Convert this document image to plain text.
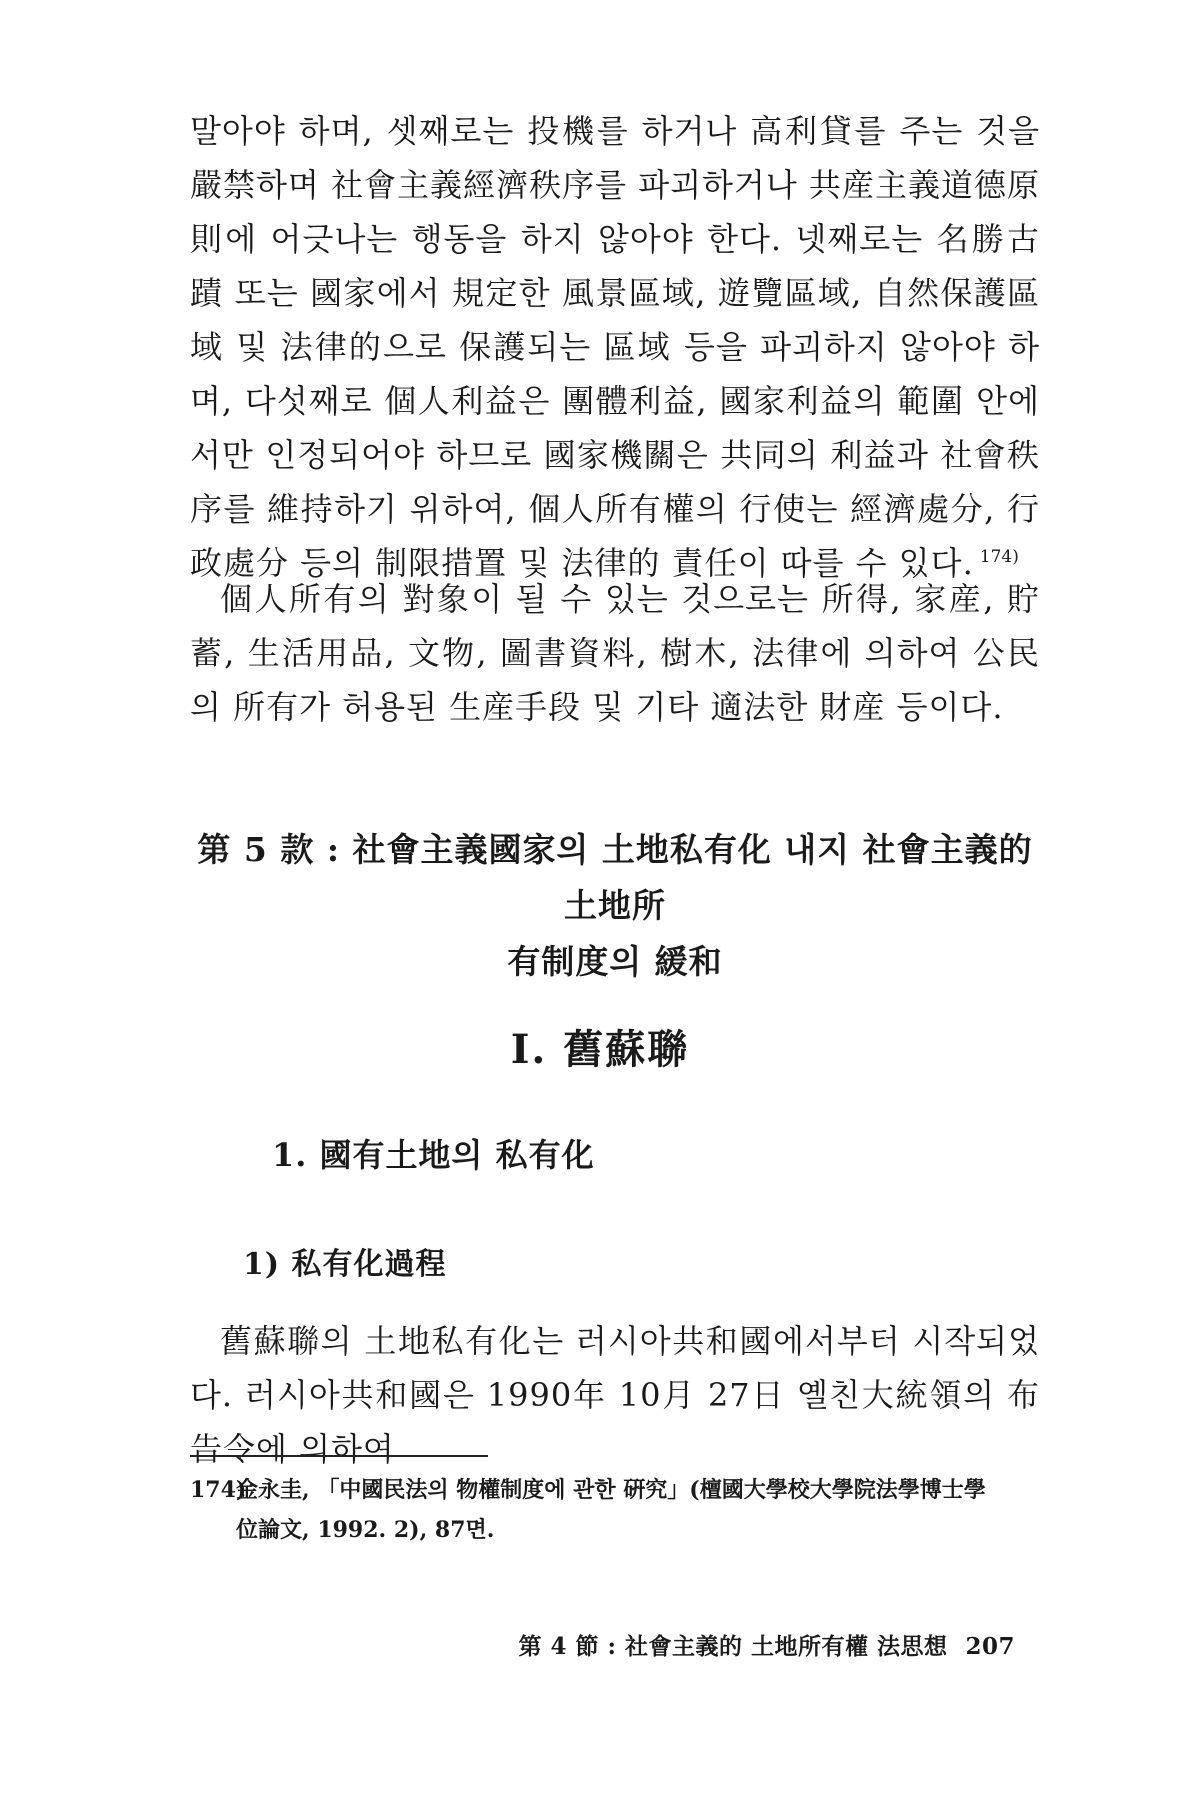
말아야 하며, 셋째로는 投機를 하거나 高利貸를 주는 것을 嚴禁하며 社會主義經濟秩序를 파괴하거나 共産主義道德原則에 어긋나는 행동을 하지 않아야 한다. 넷째로는 名勝古蹟 또는 國家에서 規定한 風景區域, 遊覽區域, 自然保護區域 및 法律的으로 保護되는 區域 등을 파괴하지 않아야 하며, 다섯째로 個人利益은 團體利益, 國家利益의 範圍 안에서만 인정되어야 하므로 國家機關은 共同의 利益과 社會秩序를 維持하기 위하여, 個人所有權의 行使는 經濟處分, 行政處分 등의 制限措置 및 法律的 責任이 따를 수 있다. $^{174)}$

個人所有의 對象이 될 수 있는 것으로는 所得, 家産, 貯蓄, 生活用品, 文物, 圖書資料, 樹木, 法律에 의하여 公民의 所有가 허용된 生産手段 및 기타 適法한 財産 등이다.

第 5 款 : 社會主義國家의 土地私有化 내지 社會主義的 土地所
有制度의 緩和
Ⅰ. 舊蘇聯
1. 國有土地의 私有化
1) 私有化過程

舊蘇聯의 土地私有化는 러시아共和國에서부터 시작되었다. 러시아共和國은 1990年 10月 27日 옐친大統領의 布告令에 의하여

174)金永圭, 「中國民法의 物權制度에 관한 硏究」(檀國大學校大學院法學博士學
位論文, 1992. 2), 87면.
第 4 節 : 社會主義的 土地所有權 法思想 207
